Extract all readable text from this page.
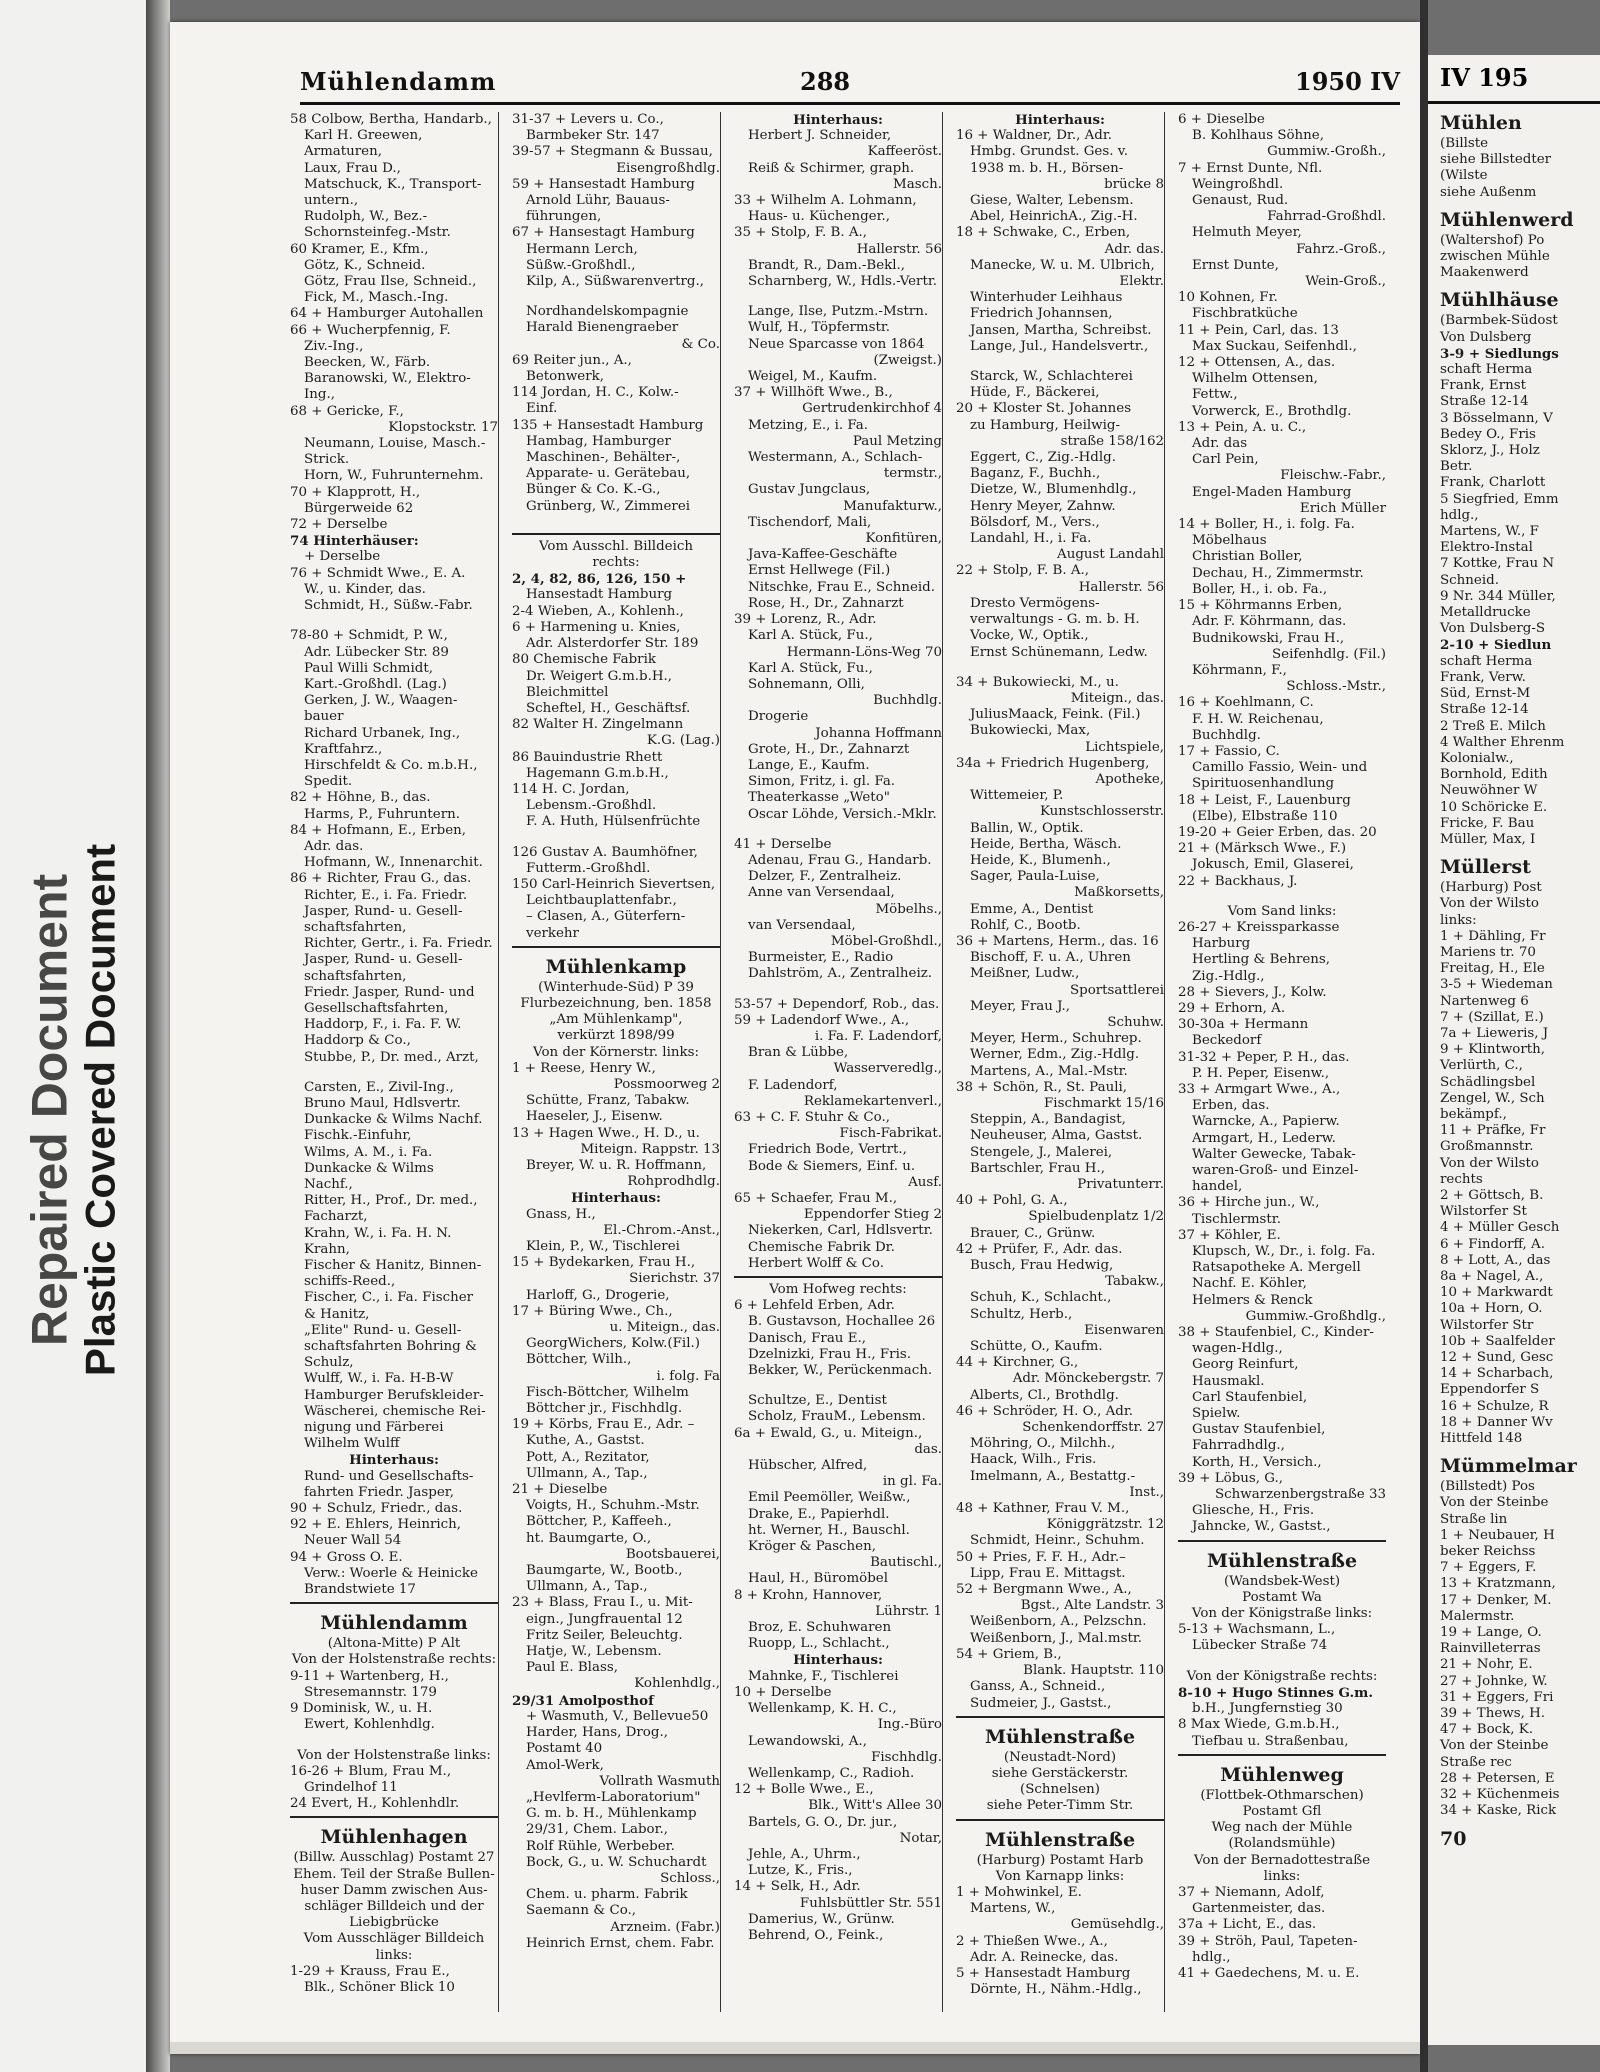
Repaired Document Plastic Covered Document
Mühlendamm	288	1950 IV
58 Colbow, Bertha, Handarb.,
Karl H. Greewen,
Armaturen,
Laux, Frau D.,
Matschuck, K., Transport-
untern.,
Rudolph, W., Bez.-
Schornsteinfeg.-Mstr.
60 Kramer, E., Kfm.,
Götz, K., Schneid.
Götz, Frau Ilse, Schneid.,
Fick, M., Masch.-Ing.
64 + Hamburger Autohallen
66 + Wucherpfennig, F.
Ziv.-Ing.,
Beecken, W., Färb.
Baranowski, W., Elektro-
Ing.,
68 + Gericke, F.,
Klopstockstr. 17
Neumann, Louise, Masch.-
Strick.
Horn, W., Fuhrunternehm.
70 + Klapprott, H.,
Bürgerweide 62
72 + Derselbe
74 Hinterhäuser:
+ Derselbe
76 + Schmidt Wwe., E. A.
W., u. Kinder, das.
Schmidt, H., Süßw.-Fabr.
78-80 + Schmidt, P. W.,
Adr. Lübecker Str. 89
Paul Willi Schmidt,
Kart.-Großhdl. (Lag.)
Gerken, J. W., Waagen-
bauer
Richard Urbanek, Ing.,
Kraftfahrz.,
Hirschfeldt & Co. m.b.H.,
Spedit.
82 + Höhne, B., das.
Harms, P., Fuhruntern.
84 + Hofmann, E., Erben,
Adr. das.
Hofmann, W., Innenarchit.
86 + Richter, Frau G., das.
Richter, E., i. Fa. Friedr.
Jasper, Rund- u. Gesell-
schaftsfahrten,
Richter, Gertr., i. Fa. Friedr.
Jasper, Rund- u. Gesell-
schaftsfahrten,
Friedr. Jasper, Rund- und
Gesellschaftsfahrten,
Haddorp, F., i. Fa. F. W.
Haddorp & Co.,
Stubbe, P., Dr. med., Arzt,
Carsten, E., Zivil-Ing.,
Bruno Maul, Hdlsvertr.
Dunkacke & Wilms Nachf.
Fischk.-Einfuhr,
Wilms, A. M., i. Fa.
Dunkacke & Wilms
Nachf.,
Ritter, H., Prof., Dr. med.,
Facharzt,
Krahn, W., i. Fa. H. N.
Krahn,
Fischer & Hanitz, Binnen-
schiffs-Reed.,
Fischer, C., i. Fa. Fischer
& Hanitz,
„Elite" Rund- u. Gesell-
schaftsfahrten Bohring &
Schulz,
Wulff, W., i. Fa. H-B-W
Hamburger Berufskleider-
Wäscherei, chemische Rei-
nigung und Färberei
Wilhelm Wulff
Hinterhaus:
Rund- und Gesellschafts-
fahrten Friedr. Jasper,
90 + Schulz, Friedr., das.
92 + E. Ehlers, Heinrich,
Neuer Wall 54
94 + Gross O. E.
Verw.: Woerle & Heinicke
Brandstwiete 17
Mühlendamm
(Altona-Mitte) P Alt
Von der Holstenstraße rechts:
9-11 + Wartenberg, H.,
Stresemannstr. 179
9 Dominisk, W., u. H.
Ewert, Kohlenhdlg.
Von der Holstenstraße links:
16-26 + Blum, Frau M.,
Grindelhof 11
24 Evert, H., Kohlenhdlr.
Mühlenhagen
(Billw. Ausschlag) Postamt 27
Ehem. Teil der Straße Bullen-
huser Damm zwischen Aus-
schläger Billdeich und der
Liebigbrücke
Vom Ausschläger Billdeich
links:
1-29 + Krauss, Frau E.,
Blk., Schöner Blick 10
31-37 + Levers u. Co.,
Barmbeker Str. 147
39-57 + Stegmann & Bussau,
Eisengroßhdlg.
59 + Hansestadt Hamburg
Arnold Lühr, Bauaus-
führungen,
67 + Hansestagt Hamburg
Hermann Lerch,
Süßw.-Großhdl.,
Kilp, A., Süßwarenvertrg.,
Nordhandelskompagnie
Harald Bienengraeber
& Co.
69 Reiter jun., A.,
Betonwerk,
114 Jordan, H. C., Kolw.-
Einf.
135 + Hansestadt Hamburg
Hambag, Hamburger
Maschinen-, Behälter-,
Apparate- u. Gerätebau,
Bünger & Co. K.-G.,
Grünberg, W., Zimmerei
Vom Ausschl. Billdeich
rechts:
2, 4, 82, 86, 126, 150 +
Hansestadt Hamburg
2-4 Wieben, A., Kohlenh.,
6 + Harmening u. Knies,
Adr. Alsterdorfer Str. 189
80 Chemische Fabrik
Dr. Weigert G.m.b.H.,
Bleichmittel
Scheftel, H., Geschäftsf.
82 Walter H. Zingelmann
K.G. (Lag.)
86 Bauindustrie Rhett
Hagemann G.m.b.H.,
114 H. C. Jordan,
Lebensm.-Großhdl.
F. A. Huth, Hülsenfrüchte
126 Gustav A. Baumhöfner,
Futterm.-Großhdl.
150 Carl-Heinrich Sievertsen,
Leichtbauplattenfabr.,
– Clasen, A., Güterfern-
verkehr
Mühlenkamp
(Winterhude-Süd) P 39
Flurbezeichnung, ben. 1858
„Am Mühlenkamp",
verkürzt 1898/99
Von der Körnerstr. links:
1 + Reese, Henry W.,
Possmoorweg 2
Schütte, Franz, Tabakw.
Haeseler, J., Eisenw.
13 + Hagen Wwe., H. D., u.
Miteign. Rappstr. 13
Breyer, W. u. R. Hoffmann,
Rohprodhdlg.
Hinterhaus:
Gnass, H.,
El.-Chrom.-Anst.,
Klein, P., W., Tischlerei
15 + Bydekarken, Frau H.,
Sierichstr. 37
Harloff, G., Drogerie,
17 + Büring Wwe., Ch.,
u. Miteign., das.
GeorgWichers, Kolw.(Fil.)
Böttcher, Wilh.,
i. folg. Fa
Fisch-Böttcher, Wilhelm
Böttcher jr., Fischhdlg.
19 + Körbs, Frau E., Adr. –
Kuthe, A., Gastst.
Pott, A., Rezitator,
Ullmann, A., Tap.,
21 + Dieselbe
Voigts, H., Schuhm.-Mstr.
Böttcher, P., Kaffeeh.,
ht. Baumgarte, O.,
Bootsbauerei,
Baumgarte, W., Bootb.,
Ullmann, A., Tap.,
23 + Blass, Frau I., u. Mit-
eign., Jungfrauental 12
Fritz Seiler, Beleuchtg.
Hatje, W., Lebensm.
Paul E. Blass,
Kohlenhdlg.,
29/31 Amolposthof
+ Wasmuth, V., Bellevue50
Harder, Hans, Drog.,
Postamt 40
Amol-Werk,
Vollrath Wasmuth
„Hevlferm-Laboratorium"
G. m. b. H., Mühlenkamp
29/31, Chem. Labor.,
Rolf Rühle, Werbeber.
Bock, G., u. W. Schuchardt
Schloss.,
Chem. u. pharm. Fabrik
Saemann & Co.,
Arzneim. (Fabr.)
Heinrich Ernst, chem. Fabr.
Hinterhaus:
Herbert J. Schneider,
Kaffeeröst.
Reiß & Schirmer, graph.
Masch.
33 + Wilhelm A. Lohmann,
Haus- u. Küchenger.,
35 + Stolp, F. B. A.,
Hallerstr. 56
Brandt, R., Dam.-Bekl.,
Scharnberg, W., Hdls.-Vertr.
Lange, Ilse, Putzm.-Mstrn.
Wulf, H., Töpfermstr.
Neue Sparcasse von 1864
(Zweigst.)
Weigel, M., Kaufm.
37 + Willhöft Wwe., B.,
Gertrudenkirchhof 4
Metzing, E., i. Fa.
Paul Metzing
Westermann, A., Schlach-
termstr.,
Gustav Jungclaus,
Manufakturw.,
Tischendorf, Mali,
Konfitüren,
Java-Kaffee-Geschäfte
Ernst Hellwege (Fil.)
Nitschke, Frau E., Schneid.
Rose, H., Dr., Zahnarzt
39 + Lorenz, R., Adr.
Karl A. Stück, Fu.,
Hermann-Löns-Weg 70
Karl A. Stück, Fu.,
Sohnemann, Olli,
Buchhdlg.
Drogerie
Johanna Hoffmann
Grote, H., Dr., Zahnarzt
Lange, E., Kaufm.
Simon, Fritz, i. gl. Fa.
Theaterkasse „Weto"
Oscar Löhde, Versich.-Mklr.
41 + Derselbe
Adenau, Frau G., Handarb.
Delzer, F., Zentralheiz.
Anne van Versendaal,
Möbelhs.,
van Versendaal,
Möbel-Großhdl.,
Burmeister, E., Radio
Dahlström, A., Zentralheiz.
53-57 + Dependorf, Rob., das.
59 + Ladendorf Wwe., A.,
i. Fa. F. Ladendorf,
Bran & Lübbe,
Wasserveredlg.,
F. Ladendorf,
Reklamekartenverl.,
63 + C. F. Stuhr & Co.,
Fisch-Fabrikat.
Friedrich Bode, Vertrt.,
Bode & Siemers, Einf. u.
Ausf.
65 + Schaefer, Frau M.,
Eppendorfer Stieg 2
Niekerken, Carl, Hdlsvertr.
Chemische Fabrik Dr.
Herbert Wolff & Co.
Vom Hofweg rechts:
6 + Lehfeld Erben, Adr.
B. Gustavson, Hochallee 26
Danisch, Frau E.,
Dzelnizki, Frau H., Fris.
Bekker, W., Perückenmach.
Schultze, E., Dentist
Scholz, FrauM., Lebensm.
6a + Ewald, G., u. Miteign.,
das.
Hübscher, Alfred,
in gl. Fa.
Emil Peemöller, Weißw.,
Drake, E., Papierhdl.
ht. Werner, H., Bauschl.
Kröger & Paschen,
Bautischl.,
Haul, H., Büromöbel
8 + Krohn, Hannover,
Lührstr. 1
Broz, E. Schuhwaren
Ruopp, L., Schlacht.,
Hinterhaus:
Mahnke, F., Tischlerei
10 + Derselbe
Wellenkamp, K. H. C.,
Ing.-Büro
Lewandowski, A.,
Fischhdlg.
Wellenkamp, C., Radioh.
12 + Bolle Wwe., E.,
Blk., Witt's Allee 30
Bartels, G. O., Dr. jur.,
Notar,
Jehle, A., Uhrm.,
Lutze, K., Fris.,
14 + Selk, H., Adr.
Fuhlsbüttler Str. 551
Damerius, W., Grünw.
Behrend, O., Feink.,
Hinterhaus:
16 + Waldner, Dr., Adr.
Hmbg. Grundst. Ges. v.
1938 m. b. H., Börsen-
brücke 8
Giese, Walter, Lebensm.
Abel, HeinrichA., Zig.-H.
18 + Schwake, C., Erben,
Adr. das.
Manecke, W. u. M. Ulbrich,
Elektr.
Winterhuder Leihhaus
Friedrich Johannsen,
Jansen, Martha, Schreibst.
Lange, Jul., Handelsvertr.,
Starck, W., Schlachterei
Hüde, F., Bäckerei,
20 + Kloster St. Johannes
zu Hamburg, Heilwig-
straße 158/162
Eggert, C., Zig.-Hdlg.
Baganz, F., Buchh.,
Dietze, W., Blumenhdlg.,
Henry Meyer, Zahnw.
Bölsdorf, M., Vers.,
Landahl, H., i. Fa.
August Landahl
22 + Stolp, F. B. A.,
Hallerstr. 56
Dresto Vermögens-
verwaltungs - G. m. b. H.
Vocke, W., Optik.,
Ernst Schünemann, Ledw.
34 + Bukowiecki, M., u.
Miteign., das.
JuliusMaack, Feink. (Fil.)
Bukowiecki, Max,
Lichtspiele,
34a + Friedrich Hugenberg,
Apotheke,
Wittemeier, P.
Kunstschlosserstr.
Ballin, W., Optik.
Heide, Bertha, Wäsch.
Heide, K., Blumenh.,
Sager, Paula-Luise,
Maßkorsetts,
Emme, A., Dentist
Rohlf, C., Bootb.
36 + Martens, Herm., das. 16
Bischoff, F. u. A., Uhren
Meißner, Ludw.,
Sportsattlerei
Meyer, Frau J.,
Schuhw.
Meyer, Herm., Schuhrep.
Werner, Edm., Zig.-Hdlg.
Martens, A., Mal.-Mstr.
38 + Schön, R., St. Pauli,
Fischmarkt 15/16
Steppin, A., Bandagist,
Neuheuser, Alma, Gastst.
Stengele, J., Malerei,
Bartschler, Frau H.,
Privatunterr.
40 + Pohl, G. A.,
Spielbudenplatz 1/2
Brauer, C., Grünw.
42 + Prüfer, F., Adr. das.
Busch, Frau Hedwig,
Tabakw.,
Schuh, K., Schlacht.,
Schultz, Herb.,
Eisenwaren
Schütte, O., Kaufm.
44 + Kirchner, G.,
Adr. Mönckebergstr. 7
Alberts, Cl., Brothdlg.
46 + Schröder, H. O., Adr.
Schenkendorffstr. 27
Möhring, O., Milchh.,
Haack, Wilh., Fris.
Imelmann, A., Bestattg.-
Inst.,
48 + Kathner, Frau V. M.,
Königgrätzstr. 12
Schmidt, Heinr., Schuhm.
50 + Pries, F. F. H., Adr.–
Lipp, Frau E. Mittagst.
52 + Bergmann Wwe., A.,
Bgst., Alte Landstr. 3
Weißenborn, A., Pelzschn.
Weißenborn, J., Mal.mstr.
54 + Griem, B.,
Blank. Hauptstr. 110
Ganss, A., Schneid.,
Sudmeier, J., Gastst.,
Mühlenstraße
(Neustadt-Nord)
siehe Gerstäckerstr.
(Schnelsen)
siehe Peter-Timm Str.
Mühlenstraße
(Harburg) Postamt Harb
Von Karnapp links:
1 + Mohwinkel, E.
Martens, W.,
Gemüsehdlg.,
2 + Thießen Wwe., A.,
Adr. A. Reinecke, das.
5 + Hansestadt Hamburg
Dörnte, H., Nähm.-Hdlg.,
6 + Dieselbe
B. Kohlhaus Söhne,
Gummiw.-Großh.,
7 + Ernst Dunte, Nfl.
Weingroßhdl.
Genaust, Rud.
Fahrrad-Großhdl.
Helmuth Meyer,
Fahrz.-Groß.,
Ernst Dunte,
Wein-Groß.,
10 Kohnen, Fr.
Fischbratküche
11 + Pein, Carl, das. 13
Max Suckau, Seifenhdl.,
12 + Ottensen, A., das.
Wilhelm Ottensen,
Fettw.,
Vorwerck, E., Brothdlg.
13 + Pein, A. u. C.,
Adr. das
Carl Pein,
Fleischw.-Fabr.,
Engel-Maden Hamburg
Erich Müller
14 + Boller, H., i. folg. Fa.
Möbelhaus
Christian Boller,
Dechau, H., Zimmermstr.
Boller, H., i. ob. Fa.,
15 + Köhrmanns Erben,
Adr. F. Köhrmann, das.
Budnikowski, Frau H.,
Seifenhdlg. (Fil.)
Köhrmann, F.,
Schloss.-Mstr.,
16 + Koehlmann, C.
F. H. W. Reichenau,
Buchhdlg.
17 + Fassio, C.
Camillo Fassio, Wein- und
Spirituosenhandlung
18 + Leist, F., Lauenburg
(Elbe), Elbstraße 110
19-20 + Geier Erben, das. 20
21 + (Märksch Wwe., F.)
Jokusch, Emil, Glaserei,
22 + Backhaus, J.
Vom Sand links:
26-27 + Kreissparkasse
Harburg
Hertling & Behrens,
Zig.-Hdlg.,
28 + Sievers, J., Kolw.
29 + Erhorn, A.
30-30a + Hermann
Beckedorf
31-32 + Peper, P. H., das.
P. H. Peper, Eisenw.,
33 + Armgart Wwe., A.,
Erben, das.
Warncke, A., Papierw.
Armgart, H., Lederw.
Walter Gewecke, Tabak-
waren-Groß- und Einzel-
handel,
36 + Hirche jun., W.,
Tischlermstr.
37 + Köhler, E.
Klupsch, W., Dr., i. folg. Fa.
Ratsapotheke A. Mergell
Nachf. E. Köhler,
Helmers & Renck
Gummiw.-Großhdlg.,
38 + Staufenbiel, C., Kinder-
wagen-Hdlg.,
Georg Reinfurt,
Hausmakl.
Carl Staufenbiel,
Spielw.
Gustav Staufenbiel,
Fahrradhdlg.,
Korth, H., Versich.,
39 + Löbus, G.,
Schwarzenbergstraße 33
Gliesche, H., Fris.
Jahncke, W., Gastst.,
Mühlenstraße
(Wandsbek-West)
Postamt Wa
Von der Königstraße links:
5-13 + Wachsmann, L.,
Lübecker Straße 74
Von der Königstraße rechts:
8-10 + Hugo Stinnes G.m.
b.H., Jungfernstieg 30
8 Max Wiede, G.m.b.H.,
Tiefbau u. Straßenbau,
Mühlenweg
(Flottbek-Othmarschen)
Postamt Gfl
Weg nach der Mühle
(Rolandsmühle)
Von der Bernadottestraße
links:
37 + Niemann, Adolf,
Gartenmeister, das.
37a + Licht, E., das.
39 + Ströh, Paul, Tapeten-
hdlg.,
41 + Gaedechens, M. u. E.
IV 195
Mühlen
(Billste
siehe Billstedter
(Wilste
siehe Außenm
Mühlenwerd
(Waltershof) Po
zwischen Mühle
Maakenwerd
Mühlhäuse
(Barmbek-Südost
Von Dulsberg
3-9 + Siedlungs
schaft Herma
Frank, Ernst
Straße 12-14
3 Bösselmann, V
Bedey O., Fris
Sklorz, J., Holz
Betr.
Frank, Charlott
5 Siegfried, Emm
hdlg.,
Martens, W., F
Elektro-Instal
7 Kottke, Frau N
Schneid.
9 Nr. 344 Müller,
Metalldrucke
Von Dulsberg-S
2-10 + Siedlun
schaft Herma
Frank, Verw.
Süd, Ernst-M
Straße 12-14
2 Treß E. Milch
4 Walther Ehrenm
Kolonialw.,
Bornhold, Edith
Neuwöhner W
10 Schöricke E.
Fricke, F. Bau
Müller, Max, I
Müllerst
(Harburg) Post
Von der Wilsto
links:
1 + Dähling, Fr
Mariens tr. 70
Freitag, H., Ele
3-5 + Wiedeman
Nartenweg 6
7 + (Szillat, E.)
7a + Lieweris, J
9 + Klintworth,
Verlürth, C.,
Schädlingsbel
Zengel, W., Sch
bekämpf.,
11 + Präfke, Fr
Großmannstr.
Von der Wilsto
rechts
2 + Göttsch, B.
Wilstorfer St
4 + Müller Gesch
6 + Findorff, A.
8 + Lott, A., das
8a + Nagel, A.,
10 + Markwardt
10a + Horn, O.
Wilstorfer Str
10b + Saalfelder
12 + Sund, Gesc
14 + Scharbach,
Eppendorfer S
16 + Schulze, R
18 + Danner Wv
Hittfeld 148
Mümmelmar
(Billstedt) Pos
Von der Steinbe
Straße lin
1 + Neubauer, H
beker Reichss
7 + Eggers, F.
13 + Kratzmann,
17 + Denker, M.
Malermstr.
19 + Lange, O.
Rainvilleterras
21 + Nohr, E.
27 + Johnke, W.
31 + Eggers, Fri
39 + Thews, H.
47 + Bock, K.
Von der Steinbe
Straße rec
28 + Petersen, E
32 + Küchenmeis
34 + Kaske, Rick
70
